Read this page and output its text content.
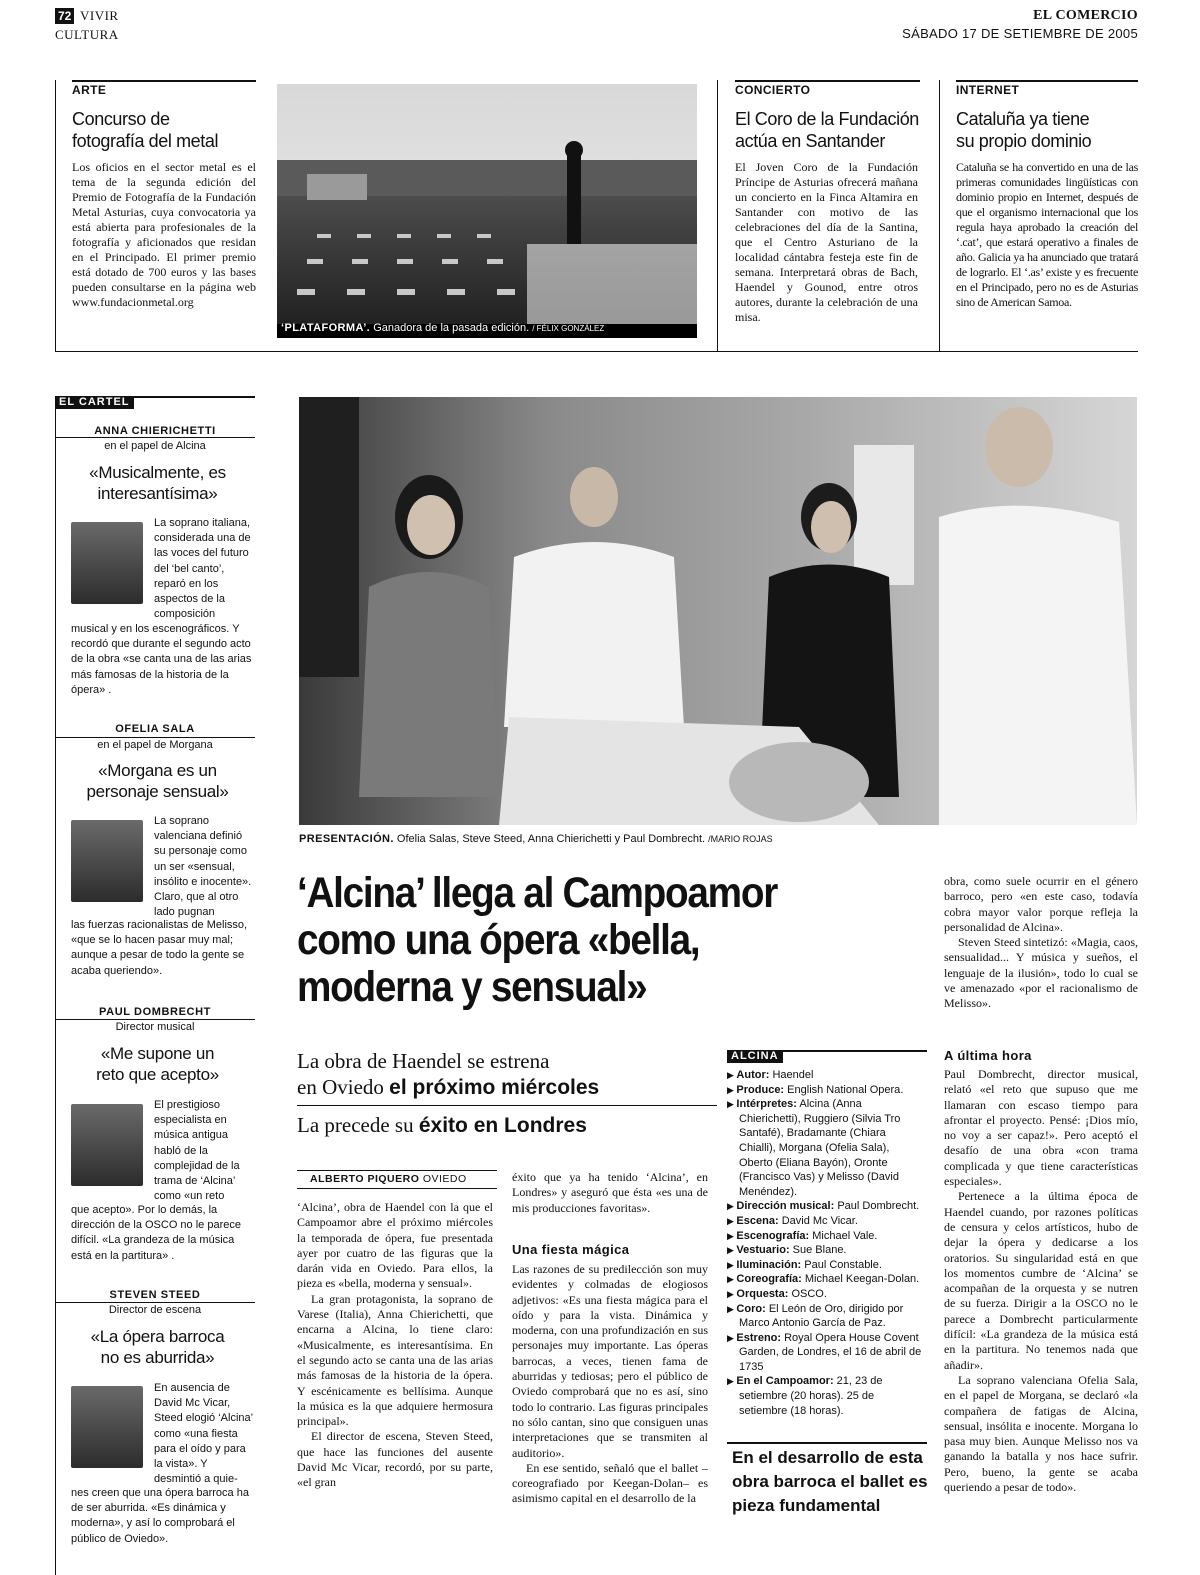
72 VIVIR
CULTURA
EL COMERCIO
SÁBADO 17 DE SETIEMBRE DE 2005
ARTE
Concurso de
fotografía del metal
Los oficios en el sector metal es el tema de la segunda edición del Premio de Fotografía de la Fundación Metal Asturias, cuya convocatoria ya está abierta para profesionales de la fotografía y aficionados que residan en el Principado. El primer premio está dotado de 700 euros y las bases pueden consultarse en la página web www.fundacionmetal.org
‘PLATAFORMA’. Ganadora de la pasada edición. / FÉLIX GONZÁLEZ
CONCIERTO
El Coro de la Fundación
actúa en Santander
El Joven Coro de la Fundación Príncipe de Asturias ofrecerá mañana un concierto en la Finca Altamira en Santander con motivo de las celebraciones del día de la Santina, que el Centro Asturiano de la localidad cántabra festeja este fin de semana. Interpretará obras de Bach, Haendel y Gounod, entre otros autores, durante la celebración de una misa.
INTERNET
Cataluña ya tiene
su propio dominio
Cataluña se ha convertido en una de las primeras comunidades lingüísticas con dominio propio en Internet, después de que el organismo internacional que los regula haya aprobado la creación del ‘.cat’, que estará operativo a finales de año. Galicia ya ha anunciado que tratará de lograrlo. El ‘.as’ existe y es frecuente en el Principado, pero no es de Asturias sino de American Samoa.
EL CARTEL
ANNA CHIERICHETTI
en el papel de Alcina
«Musicalmente, es
interesantísima»
La soprano italiana, considerada una de las voces del futuro del ‘bel canto’, reparó en los aspectos de la composición
musical y en los escenográficos. Y recordó que durante el segundo acto de la obra «se canta una de las arias más famosas de la historia de la ópera» .
OFELIA SALA
en el papel de Morgana
«Morgana es un
personaje sensual»
La soprano valenciana definió su personaje como un ser «sensual, insólito e inocente». Claro, que al otro lado pugnan
las fuerzas racionalistas de Melisso, «que se lo hacen pasar muy mal; aunque a pesar de todo la gente se acaba queriendo».
PAUL DOMBRECHT
Director musical
«Me supone un
reto que acepto»
El prestigioso especialista en música antigua habló de la complejidad de la trama de ‘Alcina’ como «un reto
que acepto». Por lo demás, la dirección de la OSCO no le parece difícil. «La grandeza de la música está en la partitura» .
STEVEN STEED
Director de escena
«La ópera barroca
no es aburrida»
En ausencia de David Mc Vicar, Steed elogió ‘Alcina’ como «una fiesta para el oído y para la vista». Y desmintió a quie-
nes creen que una ópera barroca ha de ser aburrida. «Es dinámica y moderna», y así lo comprobará el público de Oviedo».
PRESENTACIÓN. Ofelia Salas, Steve Steed, Anna Chierichetti y Paul Dombrecht. /MARIO ROJAS
‘Alcina’ llega al Campoamor
como una ópera «bella,
moderna y sensual»
La obra de Haendel se estrena
en Oviedo el próximo miércoles
La precede su éxito en Londres
ALBERTO PIQUERO OVIEDO

‘Alcina’, obra de Haendel con la que el Campoamor abre el próximo miércoles la temporada de ópera, fue presentada ayer por cuatro de las figuras que la darán vida en Oviedo. Para ellos, la pieza es «bella, moderna y sensual».

La gran protagonista, la soprano de Varese (Italia), Anna Chierichetti, que encarna a Alcina, lo tiene claro: «Musicalmente, es interesantísima. En el segundo acto se canta una de las arias más famosas de la historia de la ópera. Y escénicamente es bellísima. Aunque la música es la que adquiere hermosura principal».

El director de escena, Steven Steed, que hace las funciones del ausente David Mc Vicar, recordó, por su parte, «el gran

éxito que ya ha tenido ‘Alcina’, en Londres» y aseguró que ésta «es una de mis producciones favoritas».
Una fiesta mágica

Las razones de su predilección son muy evidentes y colmadas de elogiosos adjetivos: «Es una fiesta mágica para el oído y para la vista. Dinámica y moderna, con una profundización en sus personajes muy importante. Las óperas barrocas, a veces, tienen fama de aburridas y tediosas; pero el público de Oviedo comprobará que no es así, sino todo lo contrario. Las figuras principales no sólo cantan, sino que consiguen unas interpretaciones que se transmiten al auditorio».

En ese sentido, señaló que el ballet –coreografiado por Keegan-Dolan– es asimismo capital en el desarrollo de la

ALCINA
▶ Autor: Haendel
▶ Produce: English National Opera.
▶ Intérpretes: Alcina (Anna Chierichetti), Ruggiero (Silvia Tro Santafé), Bradamante (Chiara Chialli), Morgana (Ofelia Sala), Oberto (Eliana Bayón), Oronte (Francisco Vas) y Melisso (David Menéndez).
▶ Dirección musical: Paul Dombrecht.
▶ Escena: David Mc Vicar.
▶ Escenografía: Michael Vale.
▶ Vestuario: Sue Blane.
▶ Iluminación: Paul Constable.
▶ Coreografía: Michael Keegan-Dolan.
▶ Orquesta: OSCO.
▶ Coro: El León de Oro, dirigido por Marco Antonio García de Paz.
▶ Estreno: Royal Opera House Covent Garden, de Londres, el 16 de abril de 1735
▶ En el Campoamor: 21, 23 de setiembre (20 horas). 25 de setiembre (18 horas).
En el desarrollo de esta obra barroca el ballet es pieza fundamental

obra, como suele ocurrir en el género barroco, pero «en este caso, todavía cobra mayor valor porque refleja la personalidad de Alcina».

Steven Steed sintetizó: «Magia, caos, sensualidad... Y música y sueños, el lenguaje de la ilusión», todo lo cual se ve amenazado «por el racionalismo de Melisso».

A última hora

Paul Dombrecht, director musical, relató «el reto que supuso que me llamaran con escaso tiempo para afrontar el proyecto. Pensé: ¡Dios mío, no voy a ser capaz!». Pero aceptó el desafío de una obra «con trama complicada y que tiene características especiales».

Pertenece a la última época de Haendel cuando, por razones políticas de censura y celos artísticos, hubo de dejar la ópera y dedicarse a los oratorios. Su singularidad está en que los momentos cumbre de ‘Alcina’ se acompañan de la orquesta y se nutren de su fuerza. Dirigir a la OSCO no le parece a Dombrecht particularmente difícil: «La grandeza de la música está en la partitura. No tenemos nada que añadir».

La soprano valenciana Ofelia Sala, en el papel de Morgana, se declaró «la compañera de fatigas de Alcina, sensual, insólita e inocente. Morgana lo pasa muy bien. Aunque Melisso nos va ganando la batalla y nos hace sufrir. Pero, bueno, la gente se acaba queriendo a pesar de todo».
